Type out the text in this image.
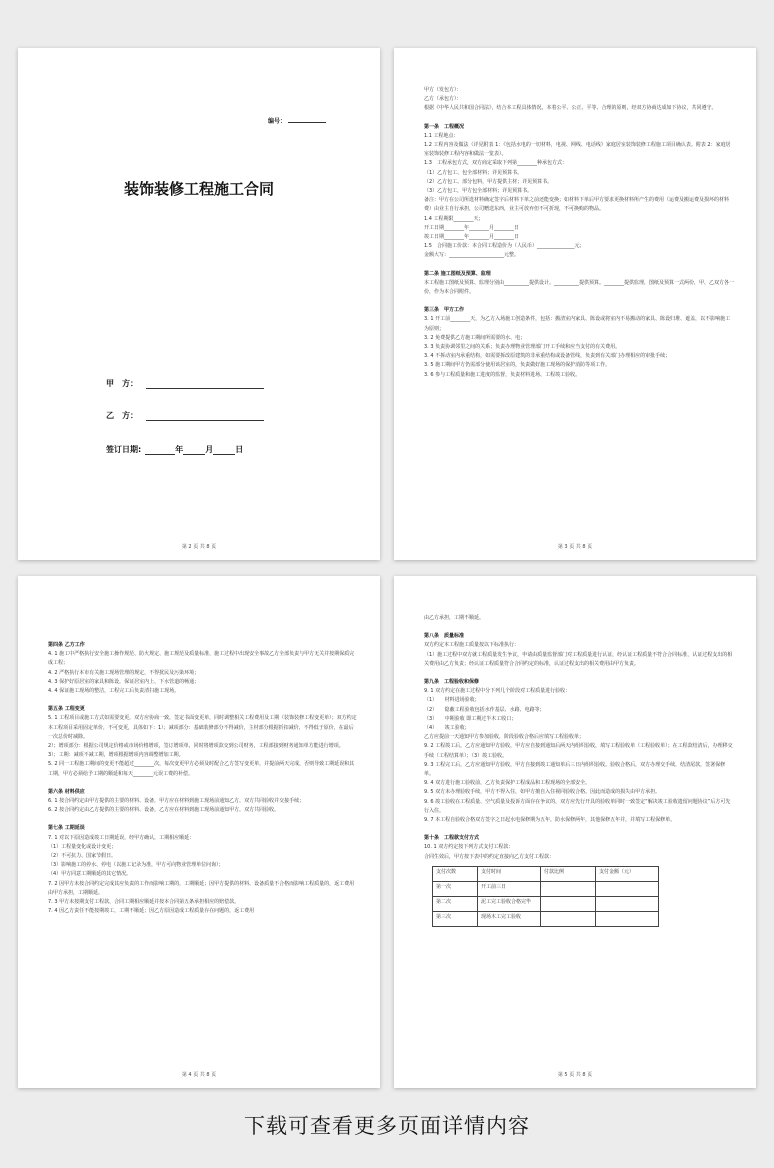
编号：
装饰装修工程施工合同
甲　方：
乙　方：
签订日期:	年	月	日
第 2 页 共 8 页

甲方（发包方）：

乙方（承包方）：

根据《中华人民共和国合同法》，结合本工程具体情况，本着公平、公正、平等、合理的原则，经双方协商达成如下协议，共同遵守。

第一条　工程概况

1.1 工程地点：

1.2 工程内容及做法（详见附表 1：《包括水电的一切材料，电视、网线、电话线》家庭居室装饰装修工程施工项目确认表。附表 2：家庭居室装饰装修工程内容和做法一览表）。

1.3　工程承包方式，双方商定采取下列第________种承包方式：

（1）乙方包工、包全部材料；详见预算书。

（2）乙方包工、部分包料，甲方提供主材；详见预算书。

（3）乙方包工，甲方包全部材料；详见预算书。

备注：甲方在公司所选材料确定签字后材料下单之前还能变换；如材料下单后甲方要求更换材料所产生的费用（运费及搬运费及损坏的材料费）由业主自行承担，公司赠送东西，业主可放弃但不可折现，不可换购的物品。

1.4 工程期限________天；

开工日期________年________月________日

竣工日期________年________月________日

1.5　合同施工价款：本合同工程造价为（人民币）_______________元；

金额大写：______________________元整。

第二条 施工图纸及预算、监理

本工程施工图纸及预算、监理分别由__________提供设计。__________提供预算。________提供监理，图纸及预算一式两份，甲、乙双方各一份，作为本合同附件。

第三条　甲方工作

3. 1 开工前________天，为乙方入场施工创造条件，包括：搬清室内家具、陈设或将室内不易搬动的家具、陈设归堆、遮盖，以不影响施工为原则；

3. 2 免费提供乙方施工期间所需要的水、电；

3. 3 负责协调邻里之间的关系；负责办理物业管理部门开工手续和应当支付的有关费用。

3. 4 不拆动室内承重结构，如需要拆改原建筑的非承重结构或设备管线，负责到有关部门办理相应的审批手续；

3. 5 施工期间甲方仍需部分使用该居室的，负责做好施工现场的保护消防等项工作。

3. 6 参与工程质量和施工进度的监督，负责材料进场、工程竣工验收。

第 3 页 共 8 页

第四条 乙方工作

4. 1 施工中严格执行安全施工操作规范、防火规定、施工规范及质量标准，施工过程中出现安全事故乙方全部负责与甲方无关并按期保质完成工程；

4. 2 严格执行本市有关施工现场管理的规定，不得扰民及污染环境；

4. 3 保护好原居室的家具和陈设，保证居室内上、下水管道的畅通；

4. 4 保证施工现场的整洁，工程完工后负责清扫施工现场。

第五条 工程变更

5. 1 工程项目或施工方式如需要变更，双方应协商一致，签定书面变更单，同时调整相关工程费用及工期（装饰装修工程变更单）；双方约定本工程项目采用固定单价，不可变更，具体如下：1）；减项部分：基础装修部分不得减价，主材部分根据折扣减价，不得低于原价，在最后一次总价时减除。

2）；增项部分：根据公司规定价格或市场价格增项，签订增项单，同时将增项款交到公司财务，工程部接到财务通知单方能进行增项。

3）；工期：减项不减工期，增项根据增项内容调整增加工期。

5. 2 同一工程施工期间的变更不能超过________次，每次变更甲方必须及时配合乙方签写变更单，并提前两天完成，否则导致工期延误和其工期，甲方必须给予工期的顺延和每天________元误工费的补偿。

第六条 材料供应

6. 1 按合同约定由甲方提供的主要的材料、设备，甲方应在材料到施工现场前通知乙方，双方共同验收并交接手续；

6. 2 按合同约定由乙方提供的主要的材料、设备，乙方应在材料到施工现场前通知甲方，双方共同验收。

第七条 工期延误

7. 1 对以下原因造成竣工日期延误，经甲方确认，工期相应顺延：

（1）工程量变化或设计变更；

（2）不可抗力、国家节假日。

（3）影响施工的停水、停电（以施工记录为准，甲方可向物业管理单位问询）；

（4）甲方同意工期顺延的其它情况。

7. 2 因甲方未按合同约定完成其应负责的工作而影响工期的，工期顺延；因甲方提供的材料、设备质量不合格而影响工程质量的，返工费用由甲方承担，工期顺延。

7. 3 甲方未按期支付工程款，合同工期相应顺延并按本合同第五条承担相应的赔偿款。

7. 4 因乙方责任不能按期竣工，工期不顺延；因乙方原因造成工程质量存在问题的，返工费用

第 4 页 共 8 页

由乙方承担，工期不顺延。

第八条　质量标准

双方约定本工程施工质量按以下标准执行：

（1）施工过程中双方就工程质量发生争议，申请由质量监督部门对工程质量进行认证，经认证工程质量不符合合同标准，认证过程支出的相关费用由乙方负责；经认证工程质量符合合同约定的标准，认证过程支出的相关费用由甲方负责。

第九条　工程验收和保修

9. 1 双方约定在施工过程中分下列几个阶段对工程质量进行验收：

（1）　　材料进场验收；

（2）　　隐蔽工程验收包括水作基层、水路、电路等；

（3）　　中期验收 即工期过半木工收口；

（4）　　竣工验收；

乙方应提前一天通知甲方参加验收，阶段验收合格后应填写工程验收单；

9. 2 工程竣工后，乙方应通知甲方验收，甲方应自接到通知后两天内组织验收，填写工程验收单（工程验收单）；在工程款结清后，办理移交手续（工程结算单）；（3）竣工验收。

9. 3 工程完工后，乙方应通知甲方验收，甲方自接到竣工通知单后三日内组织验收。验收合格后，双方办理交手续，结清尾款，签署保修单。

9. 4 双方进行施工验收前，乙方负责保护工程成品和工程现场的全部安全。

9. 5 双方未办理验收手续，甲方不得入住，如甲方擅自入住视同验收合格。因此而造成的损失由甲方承担。

9. 6 竣工验收在工程质量、空气质量及投诉方面存在争议的，双方应先行开具的验收单同时一致签定“解决竣工验收遗留问题协议”后方可先行入住。

9. 7 本工程自验收合格双方签字之日起水电保修期为五年，防水保修两年，其他保修五年并，并填写工程保修单。

第十条　工程款支付方式

10. 1 双方约定按下列方式支付工程款：

合同生效后，甲方按下表中的约定直接向乙方支付工程款：

支付次数	支付时间	付款比例	支付金额（元）
第一次	开工前三日		
第二次	泥工完工验收合格完毕		
第三次	现场木工完工验收		
第 5 页 共 8 页
下载可查看更多页面详情内容
